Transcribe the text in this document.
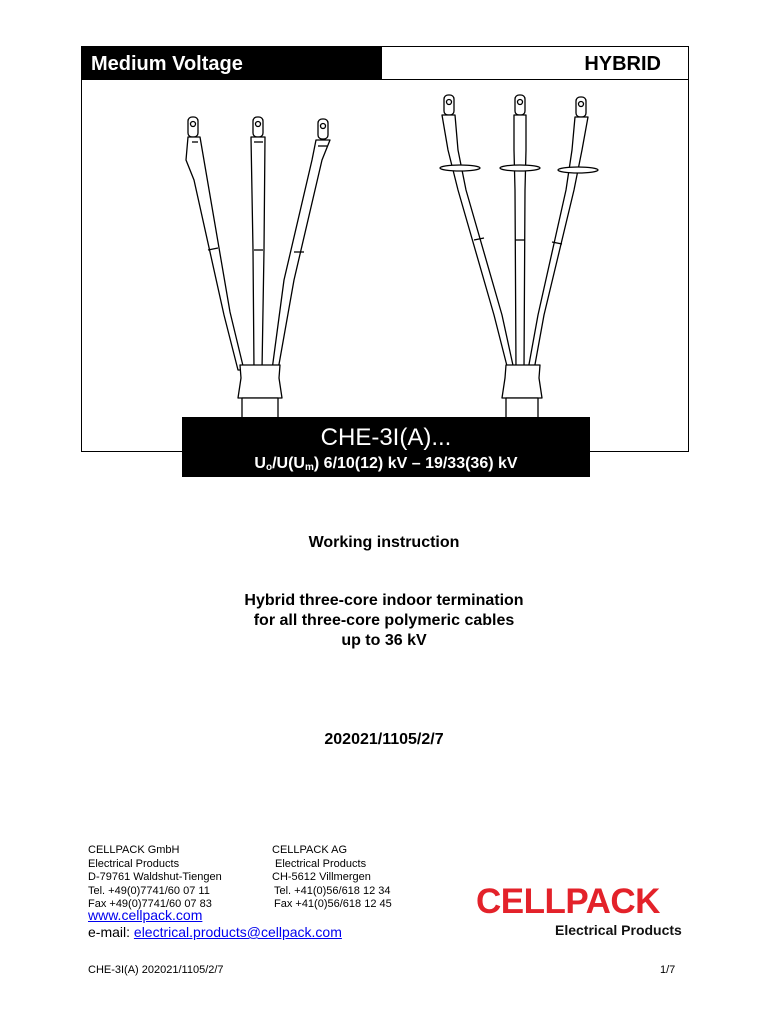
Medium Voltage	HYBRID
CHE-3I(A)...
$U_o/U(U_m)$ 6/10(12) kV – 19/33(36) kV
Working instruction
Hybrid three-core indoor termination
for all three-core polymeric cables
up to 36 kV
202021/1105/2/7
CELLPACK GmbH
Electrical Products
D-79761 Waldshut-Tiengen
Tel. +49(0)7741/60 07 11
Fax +49(0)7741/60 07 83
CELLPACK AG
Electrical Products
CH-5612 Villmergen
Tel. +41(0)56/618 12 34
Fax +41(0)56/618 12 45
www.cellpack.com
e-mail: electrical.products@cellpack.com
CELLPACK
Electrical Products
CHE-3I(A) 202021/1105/2/7	1/7
